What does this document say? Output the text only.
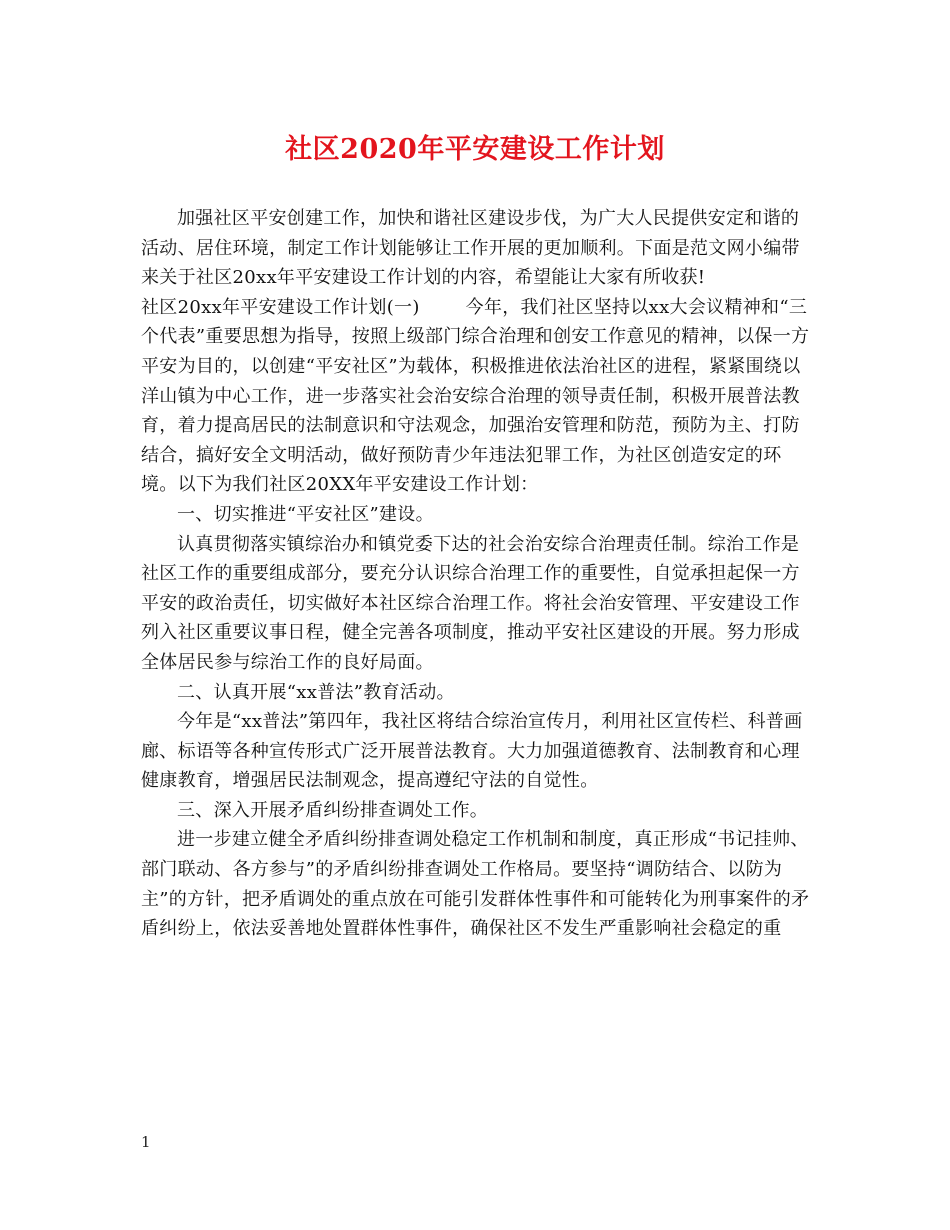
社区2020年平安建设工作计划

加强社区平安创建工作，加快和谐社区建设步伐，为广大人民提供安定和谐的活动、居住环境，制定工作计划能够让工作开展的更加顺利。下面是范文网小编带来关于社区20xx年平安建设工作计划的内容，希望能让大家有所收获!

社区20xx年平安建设工作计划(一)	今年，我们社区坚持以xx大会议精神和“三个代表”重要思想为指导，按照上级部门综合治理和创安工作意见的精神，以保一方平安为目的，以创建“平安社区”为载体，积极推进依法治社区的进程，紧紧围绕以洋山镇为中心工作，进一步落实社会治安综合治理的领导责任制，积极开展普法教育，着力提高居民的法制意识和守法观念，加强治安管理和防范，预防为主、打防结合，搞好安全文明活动，做好预防青少年违法犯罪工作，为社区创造安定的环境。以下为我们社区20XX年平安建设工作计划：

一、切实推进“平安社区”建设。

认真贯彻落实镇综治办和镇党委下达的社会治安综合治理责任制。综治工作是社区工作的重要组成部分，要充分认识综合治理工作的重要性，自觉承担起保一方平安的政治责任，切实做好本社区综合治理工作。将社会治安管理、平安建设工作列入社区重要议事日程，健全完善各项制度，推动平安社区建设的开展。努力形成全体居民参与综治工作的良好局面。

二、认真开展“xx普法”教育活动。

今年是“xx普法”第四年，我社区将结合综治宣传月，利用社区宣传栏、科普画廊、标语等各种宣传形式广泛开展普法教育。大力加强道德教育、法制教育和心理健康教育，增强居民法制观念，提高遵纪守法的自觉性。

三、深入开展矛盾纠纷排查调处工作。

进一步建立健全矛盾纠纷排查调处稳定工作机制和制度，真正形成“书记挂帅、部门联动、各方参与”的矛盾纠纷排查调处工作格局。要坚持“调防结合、以防为主”的方针，把矛盾调处的重点放在可能引发群体性事件和可能转化为刑事案件的矛盾纠纷上，依法妥善地处置群体性事件，确保社区不发生严重影响社会稳定的重

1
